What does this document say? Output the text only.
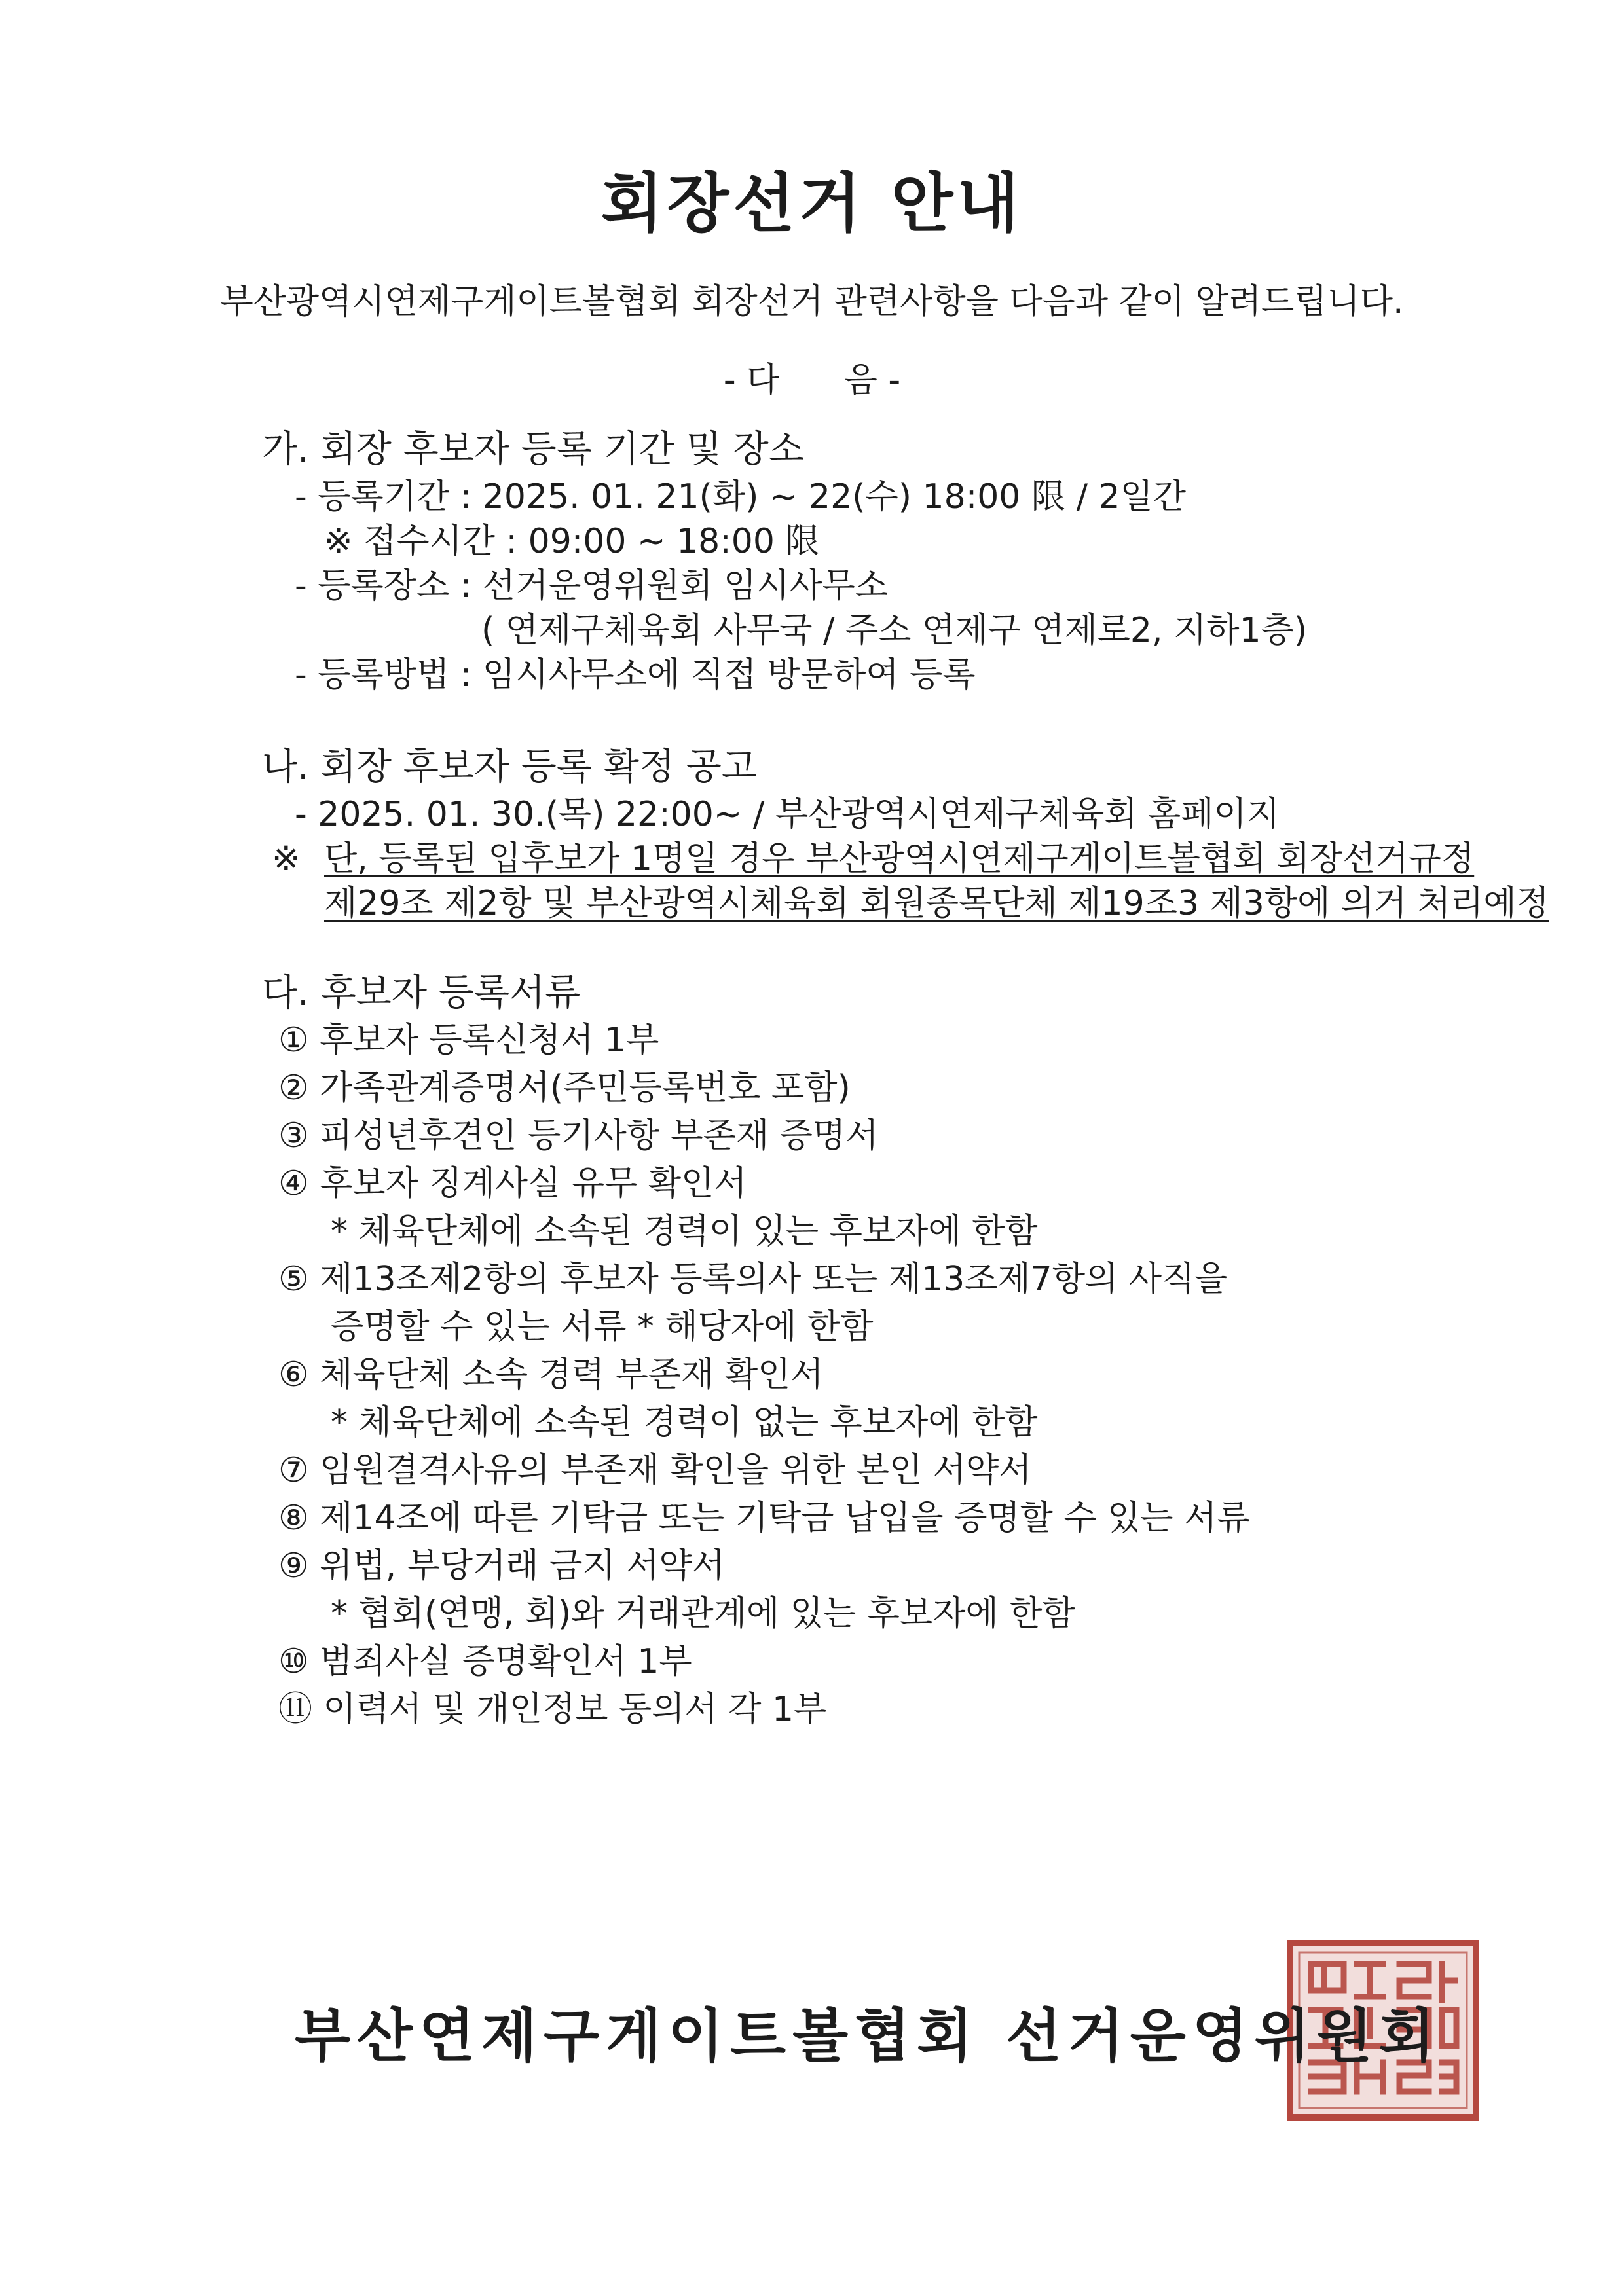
회장선거 안내
부산광역시연제구게이트볼협회 회장선거 관련사항을 다음과 같이 알려드립니다.
- 다      음 -
가. 회장 후보자 등록 기간 및 장소
- 등록기간 : 2025. 01. 21(화) ~ 22(수) 18:00 限 / 2일간
※ 접수시간 : 09:00 ~ 18:00 限
- 등록장소 : 선거운영위원회 임시사무소
( 연제구체육회 사무국 / 주소 연제구 연제로2, 지하1층)
- 등록방법 : 임시사무소에 직접 방문하여 등록
나. 회장 후보자 등록 확정 공고
- 2025. 01. 30.(목) 22:00~ / 부산광역시연제구체육회 홈페이지
※ 단, 등록된 입후보가 1명일 경우 부산광역시연제구게이트볼협회 회장선거규정
제29조 제2항 및 부산광역시체육회 회원종목단체 제19조3 제3항에 의거 처리예정
다. 후보자 등록서류
① 후보자 등록신청서 1부
② 가족관계증명서(주민등록번호 포함)
③ 피성년후견인 등기사항 부존재 증명서
④ 후보자 징계사실 유무 확인서
* 체육단체에 소속된 경력이 있는 후보자에 한함
⑤ 제13조제2항의 후보자 등록의사 또는 제13조제7항의 사직을
증명할 수 있는 서류 * 해당자에 한함
⑥ 체육단체 소속 경력 부존재 확인서
* 체육단체에 소속된 경력이 없는 후보자에 한함
⑦ 임원결격사유의 부존재 확인을 위한 본인 서약서
⑧ 제14조에 따른 기탁금 또는 기탁금 납입을 증명할 수 있는 서류
⑨ 위법, 부당거래 금지 서약서
* 협회(연맹, 회)와 거래관계에 있는 후보자에 한함
⑩ 범죄사실 증명확인서 1부
⑪ 이력서 및 개인정보 동의서 각 1부
부산연제구게이트볼협회 선거운영위원회
